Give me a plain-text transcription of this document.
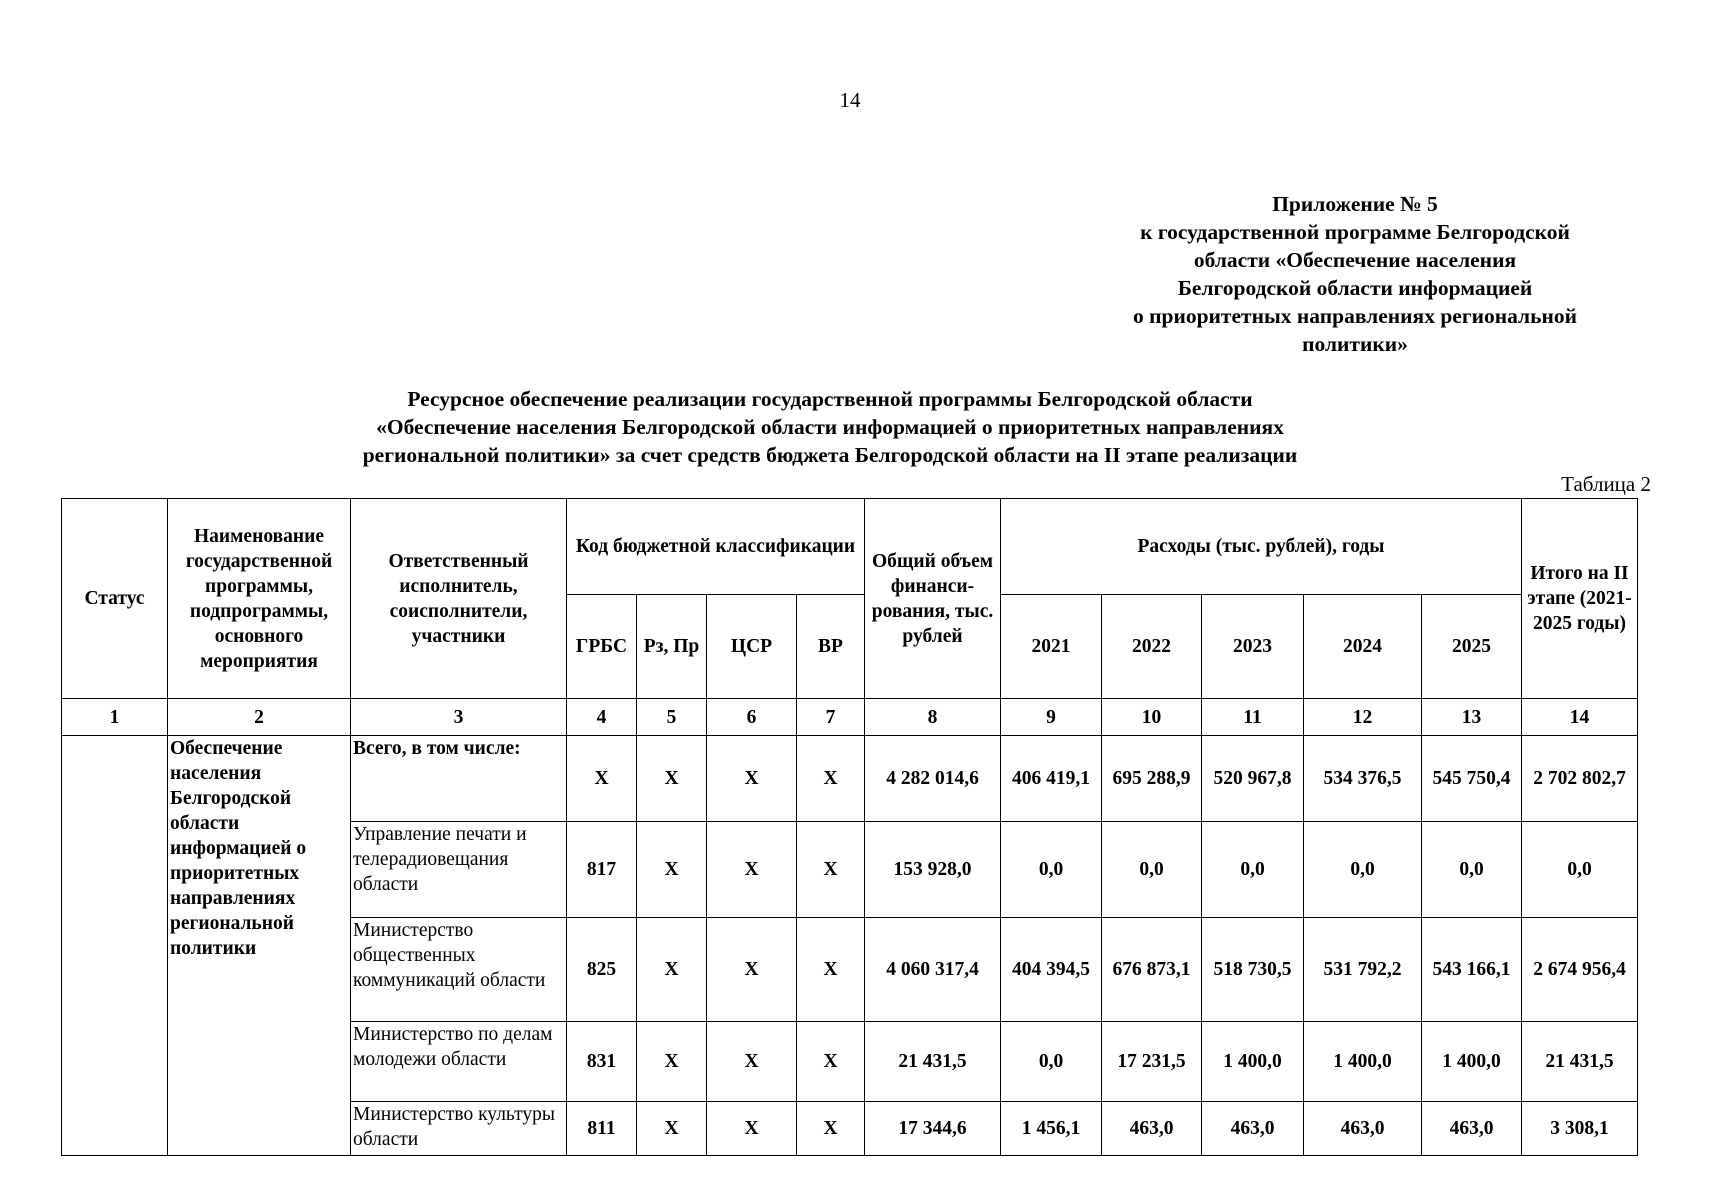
14
Приложение № 5
к государственной программе Белгородской
области «Обеспечение населения
Белгородской области информацией
о приоритетных направлениях региональной
политики»
Ресурсное обеспечение реализации государственной программы Белгородской области
«Обеспечение населения Белгородской области информацией о приоритетных направлениях
региональной политики» за счет средств бюджета Белгородской области на II этапе реализации
Таблица 2
Статус	Наименование государственной программы, подпрограммы, основного мероприятия	Ответственный исполнитель, соисполнители, участники	Код бюджетной классификации				Общий объем финанси-рования, тыс. рублей	Расходы (тыс. рублей), годы					Итого на II этапе (2021-2025 годы)
			ГРБС	Рз, Пр	ЦСР	ВР		2021	2022	2023	2024	2025	
1	2	3	4	5	6	7	8	9	10	11	12	13	14
	Обеспечение населения Белгородской области информацией о приоритетных направлениях региональной политики	Всего, в том числе:	Х	Х	Х	Х	4 282 014,6	406 419,1	695 288,9	520 967,8	534 376,5	545 750,4	2 702 802,7
		Управление печати и телерадиовещания области	817	Х	Х	Х	153 928,0	0,0	0,0	0,0	0,0	0,0	0,0
		Министерство общественных коммуникаций области	825	Х	Х	Х	4 060 317,4	404 394,5	676 873,1	518 730,5	531 792,2	543 166,1	2 674 956,4
		Министерство по делам молодежи области	831	Х	Х	Х	21 431,5	0,0	17 231,5	1 400,0	1 400,0	1 400,0	21 431,5
		Министерство культуры области	811	Х	Х	Х	17 344,6	1 456,1	463,0	463,0	463,0	463,0	3 308,1
